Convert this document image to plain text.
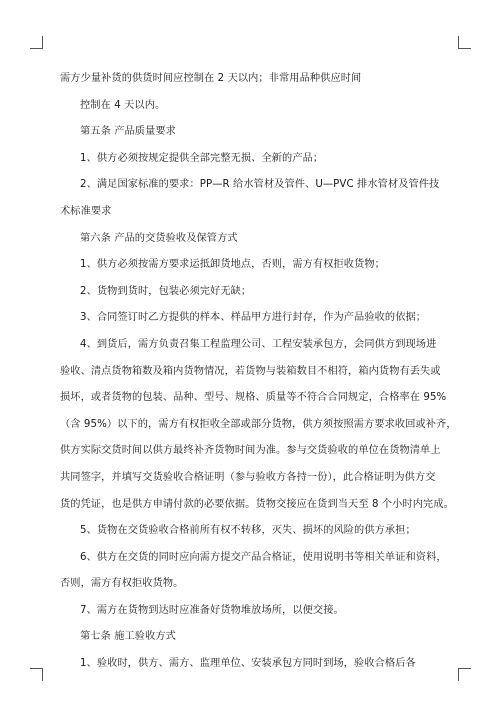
需方少量补货的供货时间应控制在 2 天以内；非常用品种供应时间
控制在 4 天以内。
第五条 产品质量要求
1、供方必须按规定提供全部完整无损、全新的产品；
2、满足国家标准的要求：PP—R 给水管材及管件、U—PVC 排水管材及管件技
术标准要求
第六条 产品的交货验收及保管方式
1、供方必须按需方要求运抵卸货地点，否则，需方有权拒收货物；
2、货物到货时，包装必须完好无缺；
3、合同签订时乙方提供的样本、样品甲方进行封存，作为产品验收的依据；
4、到货后，需方负责召集工程监理公司、工程安装承包方，会同供方到现场进
验收、清点货物箱数及箱内货物情况，若货物与装箱数目不相符，箱内货物有丢失或
损坏，或者货物的包装、品种、型号、规格、质量等不符合合同规定，合格率在 95%
（含 95%）以下的，需方有权拒收全部或部分货物，供方须按照需方要求收回或补齐，
供方实际交货时间以供方最终补齐货物时间为准。参与交货验收的单位在货物清单上
共同签字，并填写交货验收合格证明（参与验收方各持一份），此合格证明为供方交
货的凭证，也是供方申请付款的必要依据。货物交接应在货到当天至 8 个小时内完成。
5、货物在交货验收合格前所有权不转移，灭失、损坏的风险的供方承担；
6、供方在交货的同时应向需方提交产品合格证，使用说明书等相关单证和资料，
否则，需方有权拒收货物。
7、需方在货物到达时应准备好货物堆放场所，以便交接。
第七条 施工验收方式
1、验收时，供方、需方、监理单位、安装承包方同时到场，验收合格后各
